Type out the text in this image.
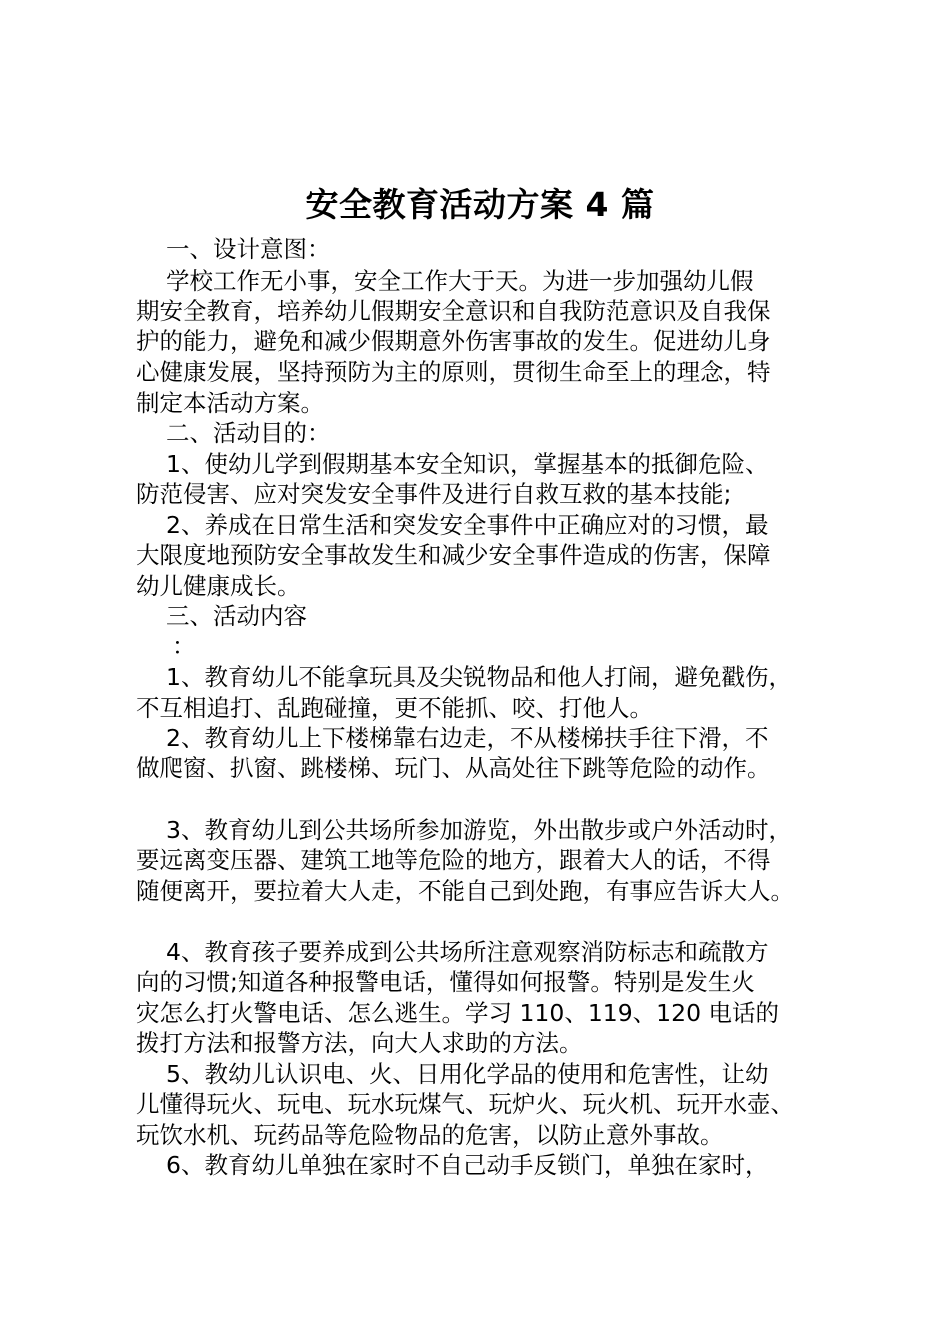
安全教育活动方案 4 篇

一、设计意图：

学校工作无小事，安全工作大于天。为进一步加强幼儿假

期安全教育，培养幼儿假期安全意识和自我防范意识及自我保

护的能力，避免和减少假期意外伤害事故的发生。促进幼儿身

心健康发展，坚持预防为主的原则，贯彻生命至上的理念，特

制定本活动方案。

二、活动目的：

1、使幼儿学到假期基本安全知识，掌握基本的抵御危险、

防范侵害、应对突发安全事件及进行自救互救的基本技能;

2、养成在日常生活和突发安全事件中正确应对的习惯，最

大限度地预防安全事故发生和减少安全事件造成的伤害，保障

幼儿健康成长。

三、活动内容

：

1、教育幼儿不能拿玩具及尖锐物品和他人打闹，避免戳伤，

不互相追打、乱跑碰撞，更不能抓、咬、打他人。

2、教育幼儿上下楼梯靠右边走，不从楼梯扶手往下滑，不

做爬窗、扒窗、跳楼梯、玩门、从高处往下跳等危险的动作。

3、教育幼儿到公共场所参加游览，外出散步或户外活动时，

要远离变压器、建筑工地等危险的地方，跟着大人的话，不得

随便离开，要拉着大人走，不能自己到处跑，有事应告诉大人。

4、教育孩子要养成到公共场所注意观察消防标志和疏散方

向的习惯;知道各种报警电话，懂得如何报警。特别是发生火

灾怎么打火警电话、怎么逃生。学习 110、119、120 电话的

拨打方法和报警方法，向大人求助的方法。

5、教幼儿认识电、火、日用化学品的使用和危害性，让幼

儿懂得玩火、玩电、玩水玩煤气、玩炉火、玩火机、玩开水壶、

玩饮水机、玩药品等危险物品的危害，以防止意外事故。

6、教育幼儿单独在家时不自己动手反锁门，单独在家时，
